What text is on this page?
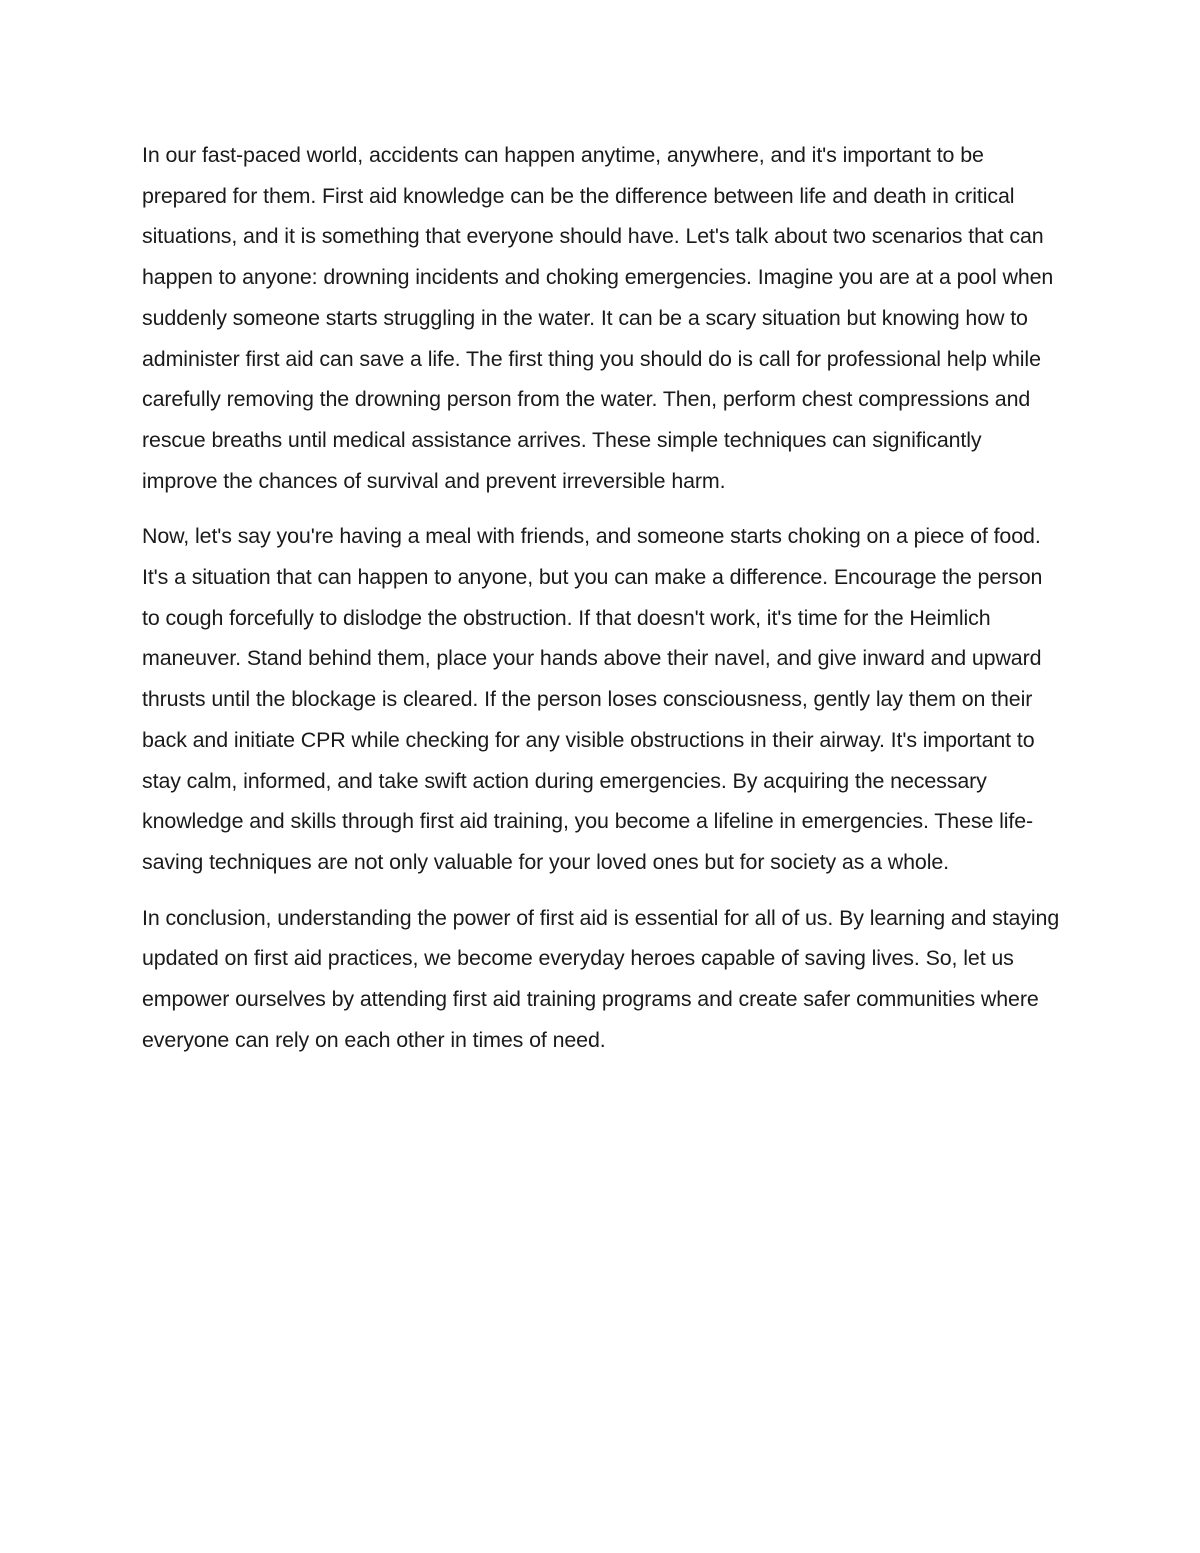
In our fast-paced world, accidents can happen anytime, anywhere, and it's important to be prepared for them. First aid knowledge can be the difference between life and death in critical situations, and it is something that everyone should have. Let's talk about two scenarios that can happen to anyone: drowning incidents and choking emergencies. Imagine you are at a pool when suddenly someone starts struggling in the water. It can be a scary situation but knowing how to administer first aid can save a life. The first thing you should do is call for professional help while carefully removing the drowning person from the water. Then, perform chest compressions and rescue breaths until medical assistance arrives. These simple techniques can significantly improve the chances of survival and prevent irreversible harm.

Now, let's say you're having a meal with friends, and someone starts choking on a piece of food. It's a situation that can happen to anyone, but you can make a difference. Encourage the person to cough forcefully to dislodge the obstruction. If that doesn't work, it's time for the Heimlich maneuver. Stand behind them, place your hands above their navel, and give inward and upward thrusts until the blockage is cleared. If the person loses consciousness, gently lay them on their back and initiate CPR while checking for any visible obstructions in their airway. It's important to stay calm, informed, and take swift action during emergencies. By acquiring the necessary knowledge and skills through first aid training, you become a lifeline in emergencies. These life-saving techniques are not only valuable for your loved ones but for society as a whole.

In conclusion, understanding the power of first aid is essential for all of us. By learning and staying updated on first aid practices, we become everyday heroes capable of saving lives. So, let us empower ourselves by attending first aid training programs and create safer communities where everyone can rely on each other in times of need.
